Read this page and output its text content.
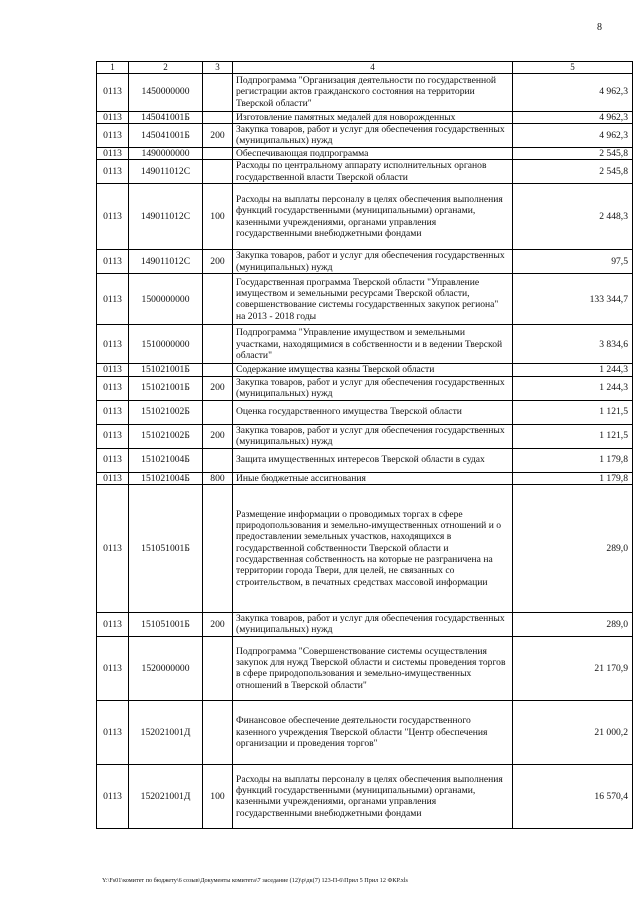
8
1	2	3	4	5
0113	1450000000		Подпрограмма "Организация деятельности по государственной регистрации актов гражданского состояния на территории Тверской области"	4 962,3
0113	145041001Б		Изготовление памятных медалей для новорожденных	4 962,3
0113	145041001Б	200	Закупка товаров, работ и услуг для обеспечения государственных (муниципальных) нужд	4 962,3
0113	1490000000		Обеспечивающая подпрограмма	2 545,8
0113	149011012С		Расходы по центральному аппарату исполнительных органов государственной власти Тверской области	2 545,8
0113	149011012С	100	Расходы на выплаты персоналу в целях обеспечения выполнения функций государственными (муниципальными) органами, казенными учреждениями, органами управления государственными внебюджетными фондами	2 448,3
0113	149011012С	200	Закупка товаров, работ и услуг для обеспечения государственных (муниципальных) нужд	97,5
0113	1500000000		Государственная программа Тверской области "Управление имуществом и земельными ресурсами Тверской области, совершенствование системы государственных закупок региона" на 2013 - 2018 годы	133 344,7
0113	1510000000		Подпрограмма "Управление имуществом и земельными участками, находящимися в собственности и в ведении Тверской области"	3 834,6
0113	151021001Б		Содержание имущества казны Тверской области	1 244,3
0113	151021001Б	200	Закупка товаров, работ и услуг для обеспечения государственных (муниципальных) нужд	1 244,3
0113	151021002Б		Оценка государственного имущества Тверской области	1 121,5
0113	151021002Б	200	Закупка товаров, работ и услуг для обеспечения государственных (муниципальных) нужд	1 121,5
0113	151021004Б		Защита имущественных интересов Тверской области в судах	1 179,8
0113	151021004Б	800	Иные бюджетные ассигнования	1 179,8
0113	151051001Б		Размещение информации о проводимых торгах в сфере природопользования и земельно-имущественных отношений и о предоставлении земельных участков, находящихся в государственной собственности Тверской области и государственная собственность на которые не разграничена на территории города Твери, для целей, не связанных со строительством, в печатных средствах массовой информации	289,0
0113	151051001Б	200	Закупка товаров, работ и услуг для обеспечения государственных (муниципальных) нужд	289,0
0113	1520000000		Подпрограмма "Совершенствование системы осуществления закупок для нужд Тверской области и системы проведения торгов в сфере природопользования и земельно-имущественных отношений в Тверской области"	21 170,9
0113	152021001Д		Финансовое обеспечение деятельности государственного казенного учреждения Тверской области "Центр обеспечения организации и проведения торгов"	21 000,2
0113	152021001Д	100	Расходы на выплаты персоналу в целях обеспечения выполнения функций государственными (муниципальными) органами, казенными учреждениями, органами управления государственными внебюджетными фондами	16 570,4
Y:\Fs01\комитет по бюджету\6 созыв\Документы комитета\7 заседание (12)\р\дк(7) 123-П-6\Прил 5 Прил 12 ФКР.xls
